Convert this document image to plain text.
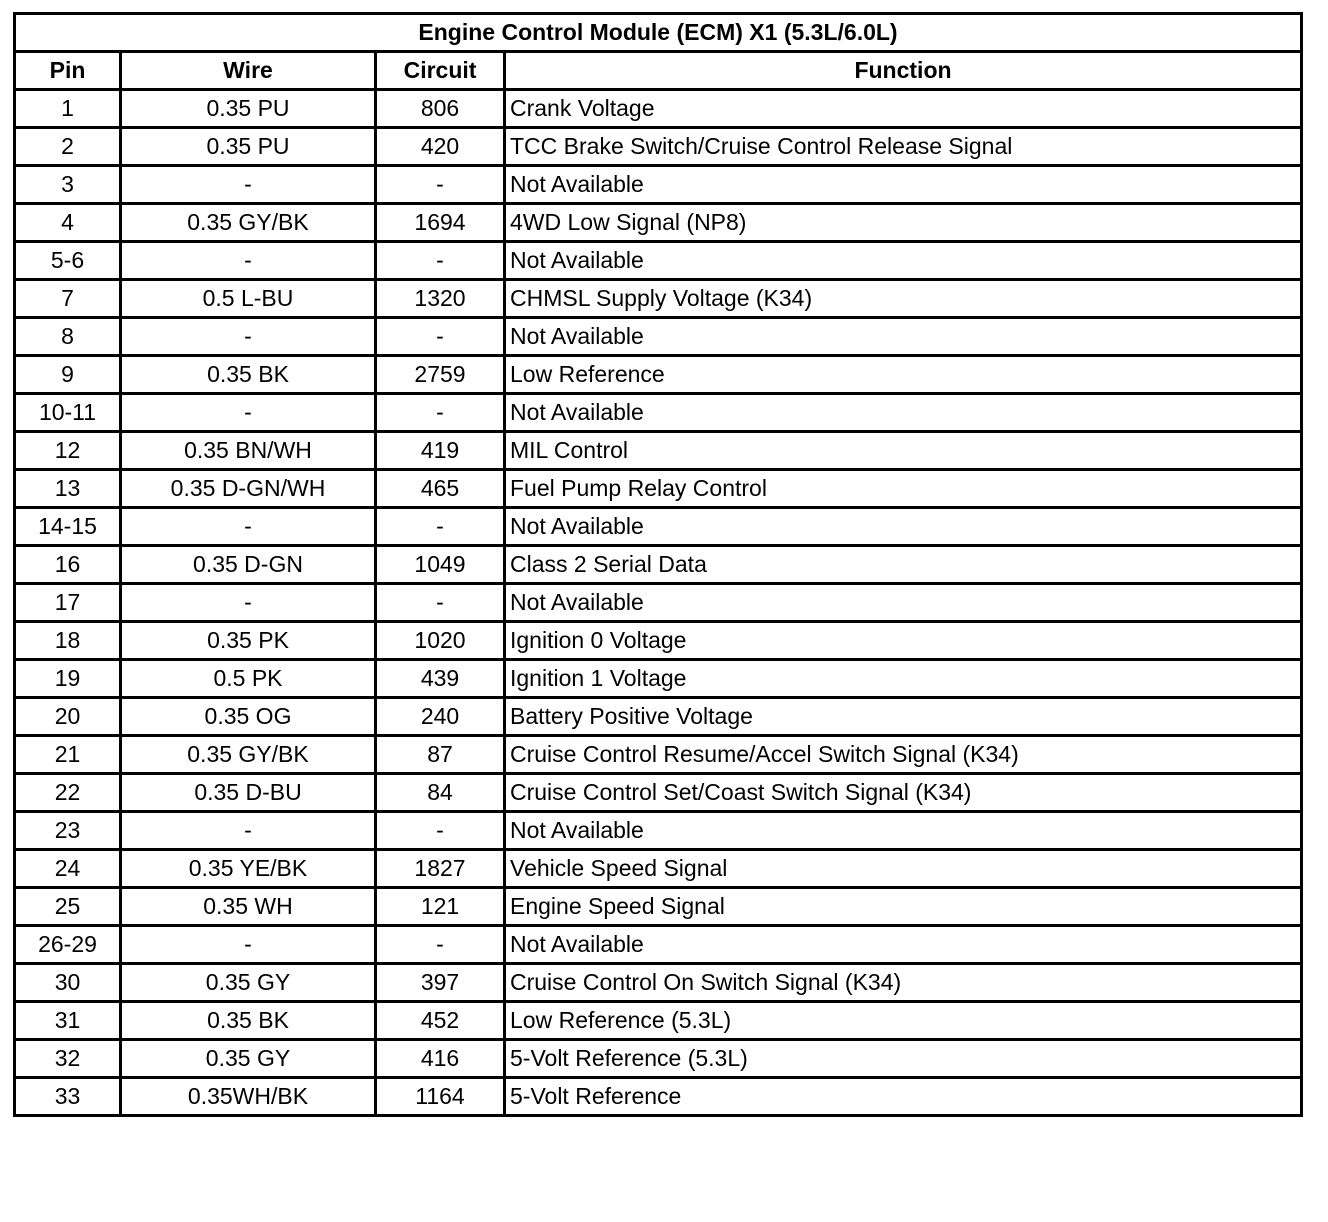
Engine Control Module (ECM) X1 (5.3L/6.0L)			
Pin	Wire	Circuit	Function
1	0.35 PU	806	Crank Voltage
2	0.35 PU	420	TCC Brake Switch/Cruise Control Release Signal
3	-	-	Not Available
4	0.35 GY/BK	1694	4WD Low Signal (NP8)
5-6	-	-	Not Available
7	0.5 L-BU	1320	CHMSL Supply Voltage (K34)
8	-	-	Not Available
9	0.35 BK	2759	Low Reference
10-11	-	-	Not Available
12	0.35 BN/WH	419	MIL Control
13	0.35 D-GN/WH	465	Fuel Pump Relay Control
14-15	-	-	Not Available
16	0.35 D-GN	1049	Class 2 Serial Data
17	-	-	Not Available
18	0.35 PK	1020	Ignition 0 Voltage
19	0.5 PK	439	Ignition 1 Voltage
20	0.35 OG	240	Battery Positive Voltage
21	0.35 GY/BK	87	Cruise Control Resume/Accel Switch Signal (K34)
22	0.35 D-BU	84	Cruise Control Set/Coast Switch Signal (K34)
23	-	-	Not Available
24	0.35 YE/BK	1827	Vehicle Speed Signal
25	0.35 WH	121	Engine Speed Signal
26-29	-	-	Not Available
30	0.35 GY	397	Cruise Control On Switch Signal (K34)
31	0.35 BK	452	Low Reference (5.3L)
32	0.35 GY	416	5-Volt Reference (5.3L)
33	0.35WH/BK	1164	5-Volt Reference
